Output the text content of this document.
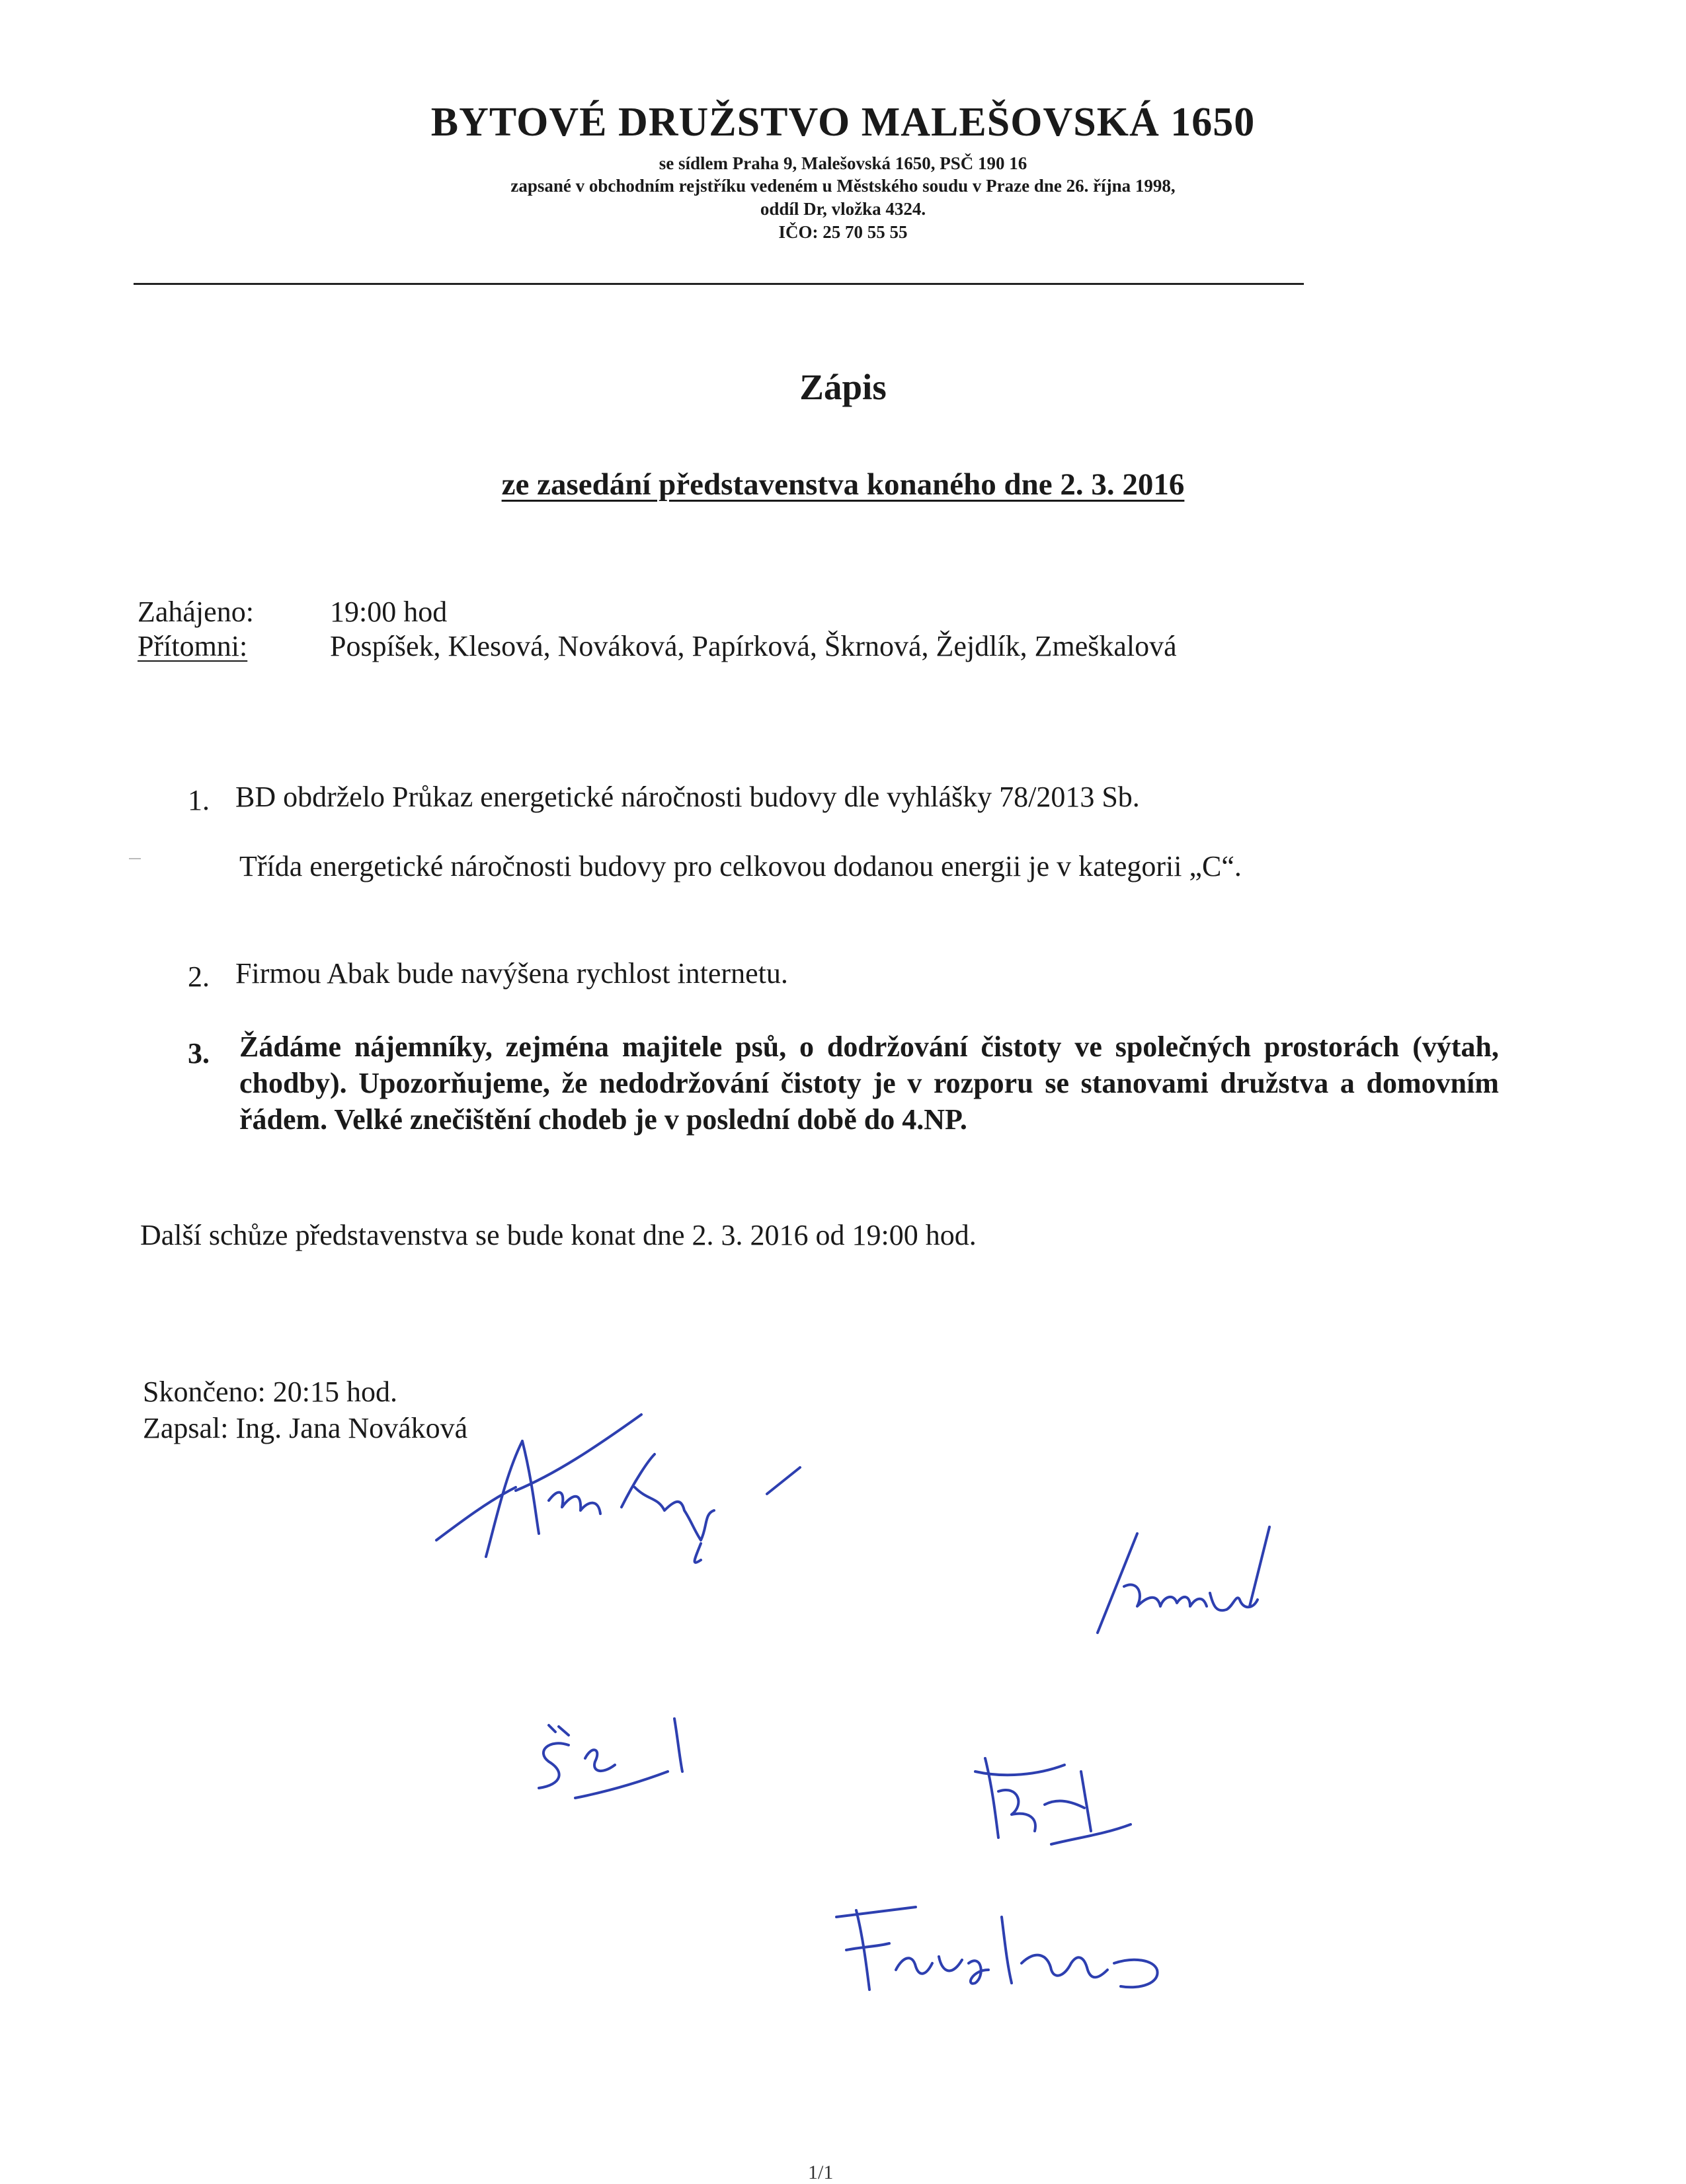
BYTOVÉ DRUŽSTVO MALEŠOVSKÁ 1650
se sídlem Praha 9, Malešovská 1650, PSČ 190 16
zapsané v obchodním rejstříku vedeném u Městského soudu v Praze dne 26. října 1998,
oddíl Dr, vložka 4324.
IČO: 25 70 55 55
Zápis
ze zasedání představenstva konaného dne 2. 3. 2016
Zahájeno:	19:00 hod
Přítomni:	Pospíšek, Klesová, Nováková, Papírková, Škrnová, Žejdlík, Zmeškalová
1. BD obdrželo Průkaz energetické náročnosti budovy dle vyhlášky 78/2013 Sb.
Třída energetické náročnosti budovy pro celkovou dodanou energii je v kategorii „C“.
2. Firmou Abak bude navýšena rychlost internetu.
3. Žádáme nájemníky, zejména majitele psů, o dodržování čistoty ve společných prostorách (výtah, chodby). Upozorňujeme, že nedodržování čistoty je v rozporu se stanovami družstva a domovním řádem. Velké znečištění chodeb je v poslední době do 4.NP.
Další schůze představenstva se bude konat dne 2. 3. 2016 od 19:00 hod.
Skončeno: 20:15 hod.
Zapsal: Ing. Jana Nováková
1/1
